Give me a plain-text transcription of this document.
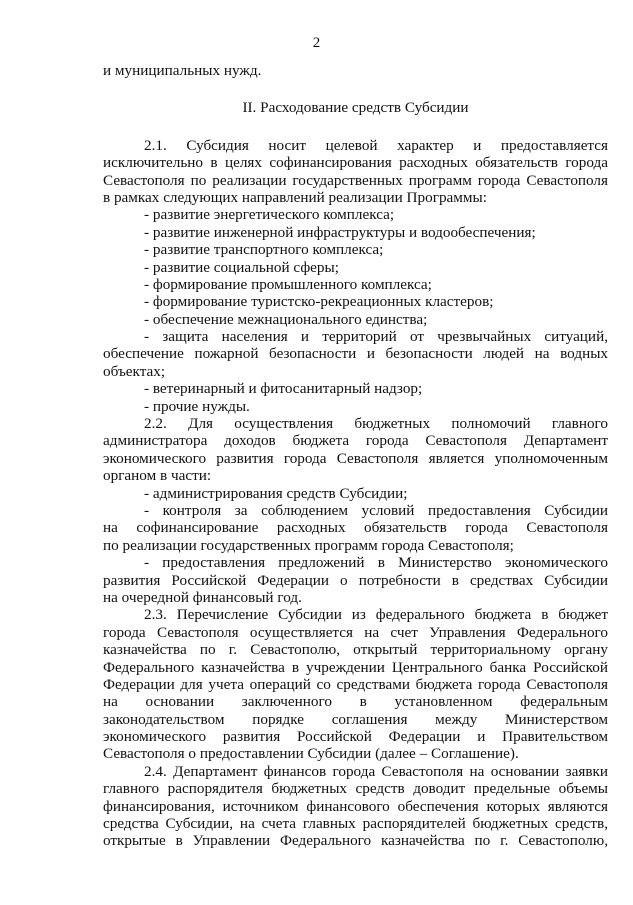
2
и муниципальных нужд.
II. Расходование средств Субсидии
2.1. Субсидия носит целевой характер и предоставляется
исключительно в целях софинансирования расходных обязательств города
Севастополя по реализации государственных программ города Севастополя
в рамках следующих направлений реализации Программы:
- развитие энергетического комплекса;
- развитие инженерной инфраструктуры и водообеспечения;
- развитие транспортного комплекса;
- развитие социальной сферы;
- формирование промышленного комплекса;
- формирование туристско-рекреационных кластеров;
- обеспечение межнационального единства;
- защита населения и территорий от чрезвычайных ситуаций,
обеспечение пожарной безопасности и безопасности людей на водных
объектах;
- ветеринарный и фитосанитарный надзор;
- прочие нужды.
2.2. Для осуществления бюджетных полномочий главного
администратора доходов бюджета города Севастополя Департамент
экономического развития города Севастополя является уполномоченным
органом в части:
- администрирования средств Субсидии;
- контроля за соблюдением условий предоставления Субсидии
на софинансирование расходных обязательств города Севастополя
по реализации государственных программ города Севастополя;
- предоставления предложений в Министерство экономического
развития Российской Федерации о потребности в средствах Субсидии
на очередной финансовый год.
2.3. Перечисление Субсидии из федерального бюджета в бюджет
города Севастополя осуществляется на счет Управления Федерального
казначейства по г. Севастополю, открытый территориальному органу
Федерального казначейства в учреждении Центрального банка Российской
Федерации для учета операций со средствами бюджета города Севастополя
на основании заключенного в установленном федеральным
законодательством порядке соглашения между Министерством
экономического развития Российской Федерации и Правительством
Севастополя о предоставлении Субсидии (далее – Соглашение).
2.4. Департамент финансов города Севастополя на основании заявки
главного распорядителя бюджетных средств доводит предельные объемы
финансирования, источником финансового обеспечения которых являются
средства Субсидии, на счета главных распорядителей бюджетных средств,
открытые в Управлении Федерального казначейства по г. Севастополю,
